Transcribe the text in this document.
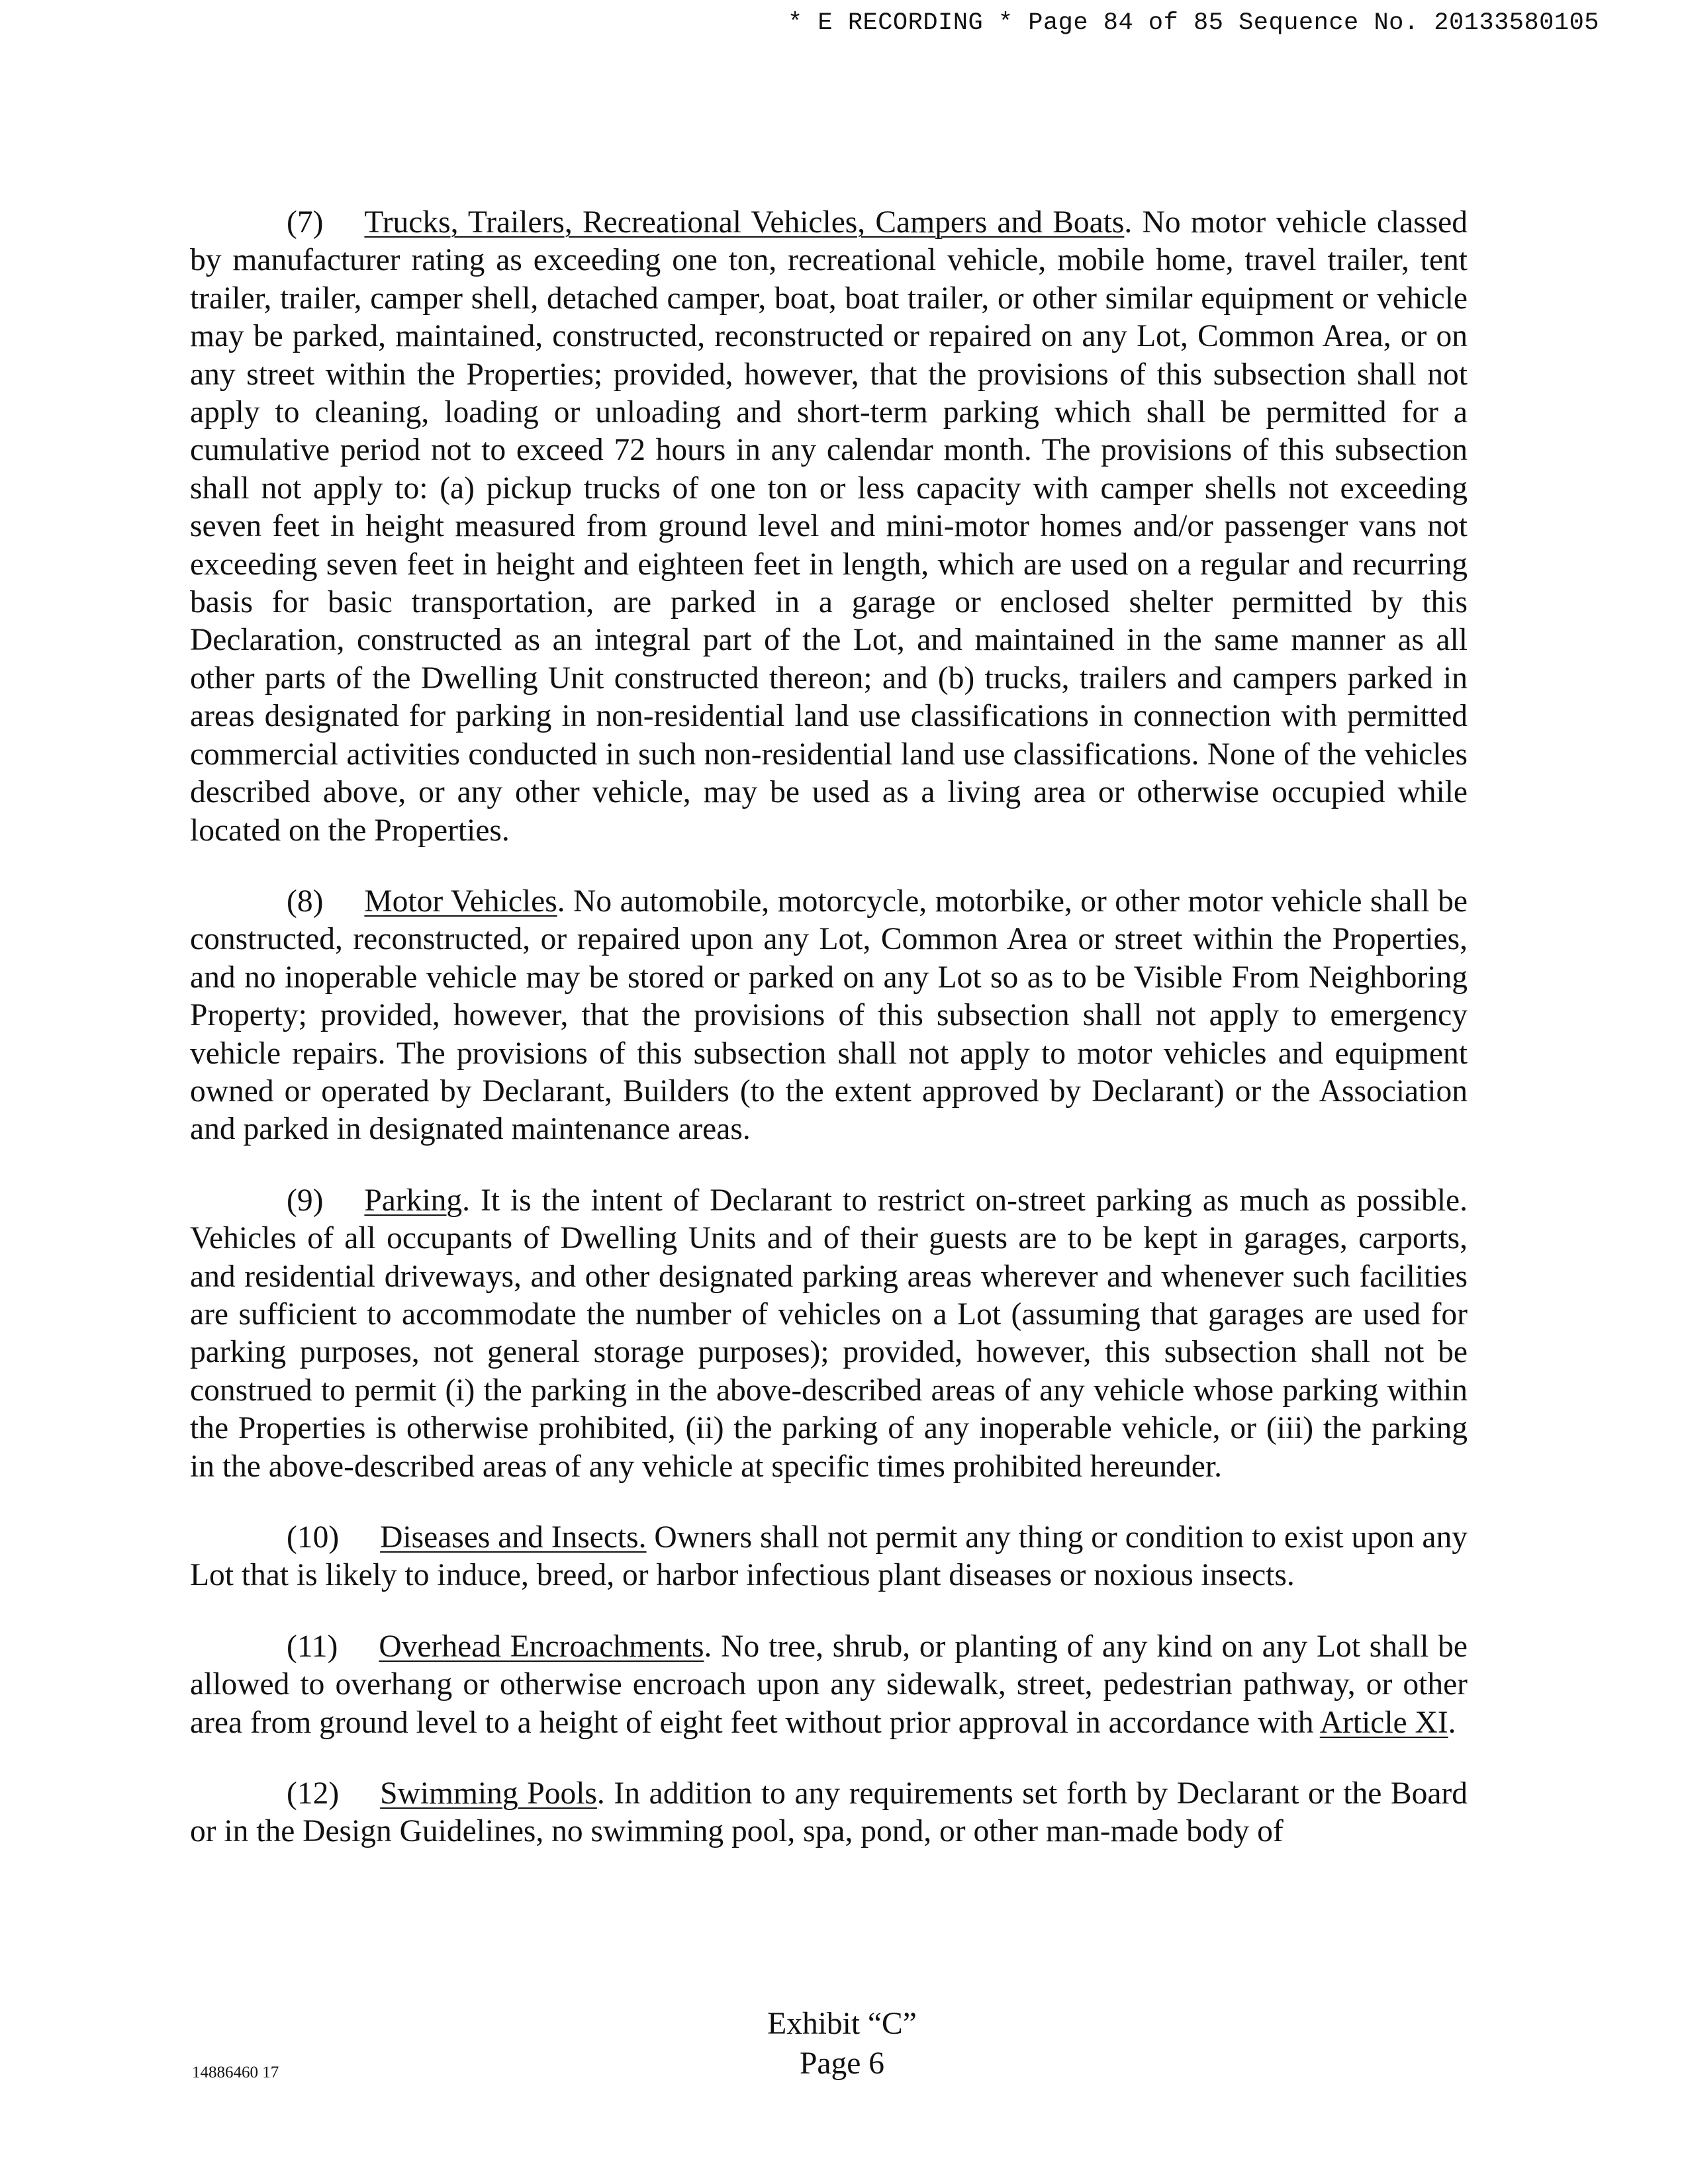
* E RECORDING * Page 84 of 85 Sequence No. 20133580105

(7) Trucks, Trailers, Recreational Vehicles, Campers and Boats. No motor vehicle classed by manufacturer rating as exceeding one ton, recreational vehicle, mobile home, travel trailer, tent trailer, trailer, camper shell, detached camper, boat, boat trailer, or other similar equipment or vehicle may be parked, maintained, constructed, reconstructed or repaired on any Lot, Common Area, or on any street within the Properties; provided, however, that the provisions of this subsection shall not apply to cleaning, loading or unloading and short-term parking which shall be permitted for a cumulative period not to exceed 72 hours in any calendar month. The provisions of this subsection shall not apply to: (a) pickup trucks of one ton or less capacity with camper shells not exceeding seven feet in height measured from ground level and mini-motor homes and/or passenger vans not exceeding seven feet in height and eighteen feet in length, which are used on a regular and recurring basis for basic transportation, are parked in a garage or enclosed shelter permitted by this Declaration, constructed as an integral part of the Lot, and maintained in the same manner as all other parts of the Dwelling Unit constructed thereon; and (b) trucks, trailers and campers parked in areas designated for parking in non-residential land use classifications in connection with permitted commercial activities conducted in such non-residential land use classifications. None of the vehicles described above, or any other vehicle, may be used as a living area or otherwise occupied while located on the Properties.

(8) Motor Vehicles. No automobile, motorcycle, motorbike, or other motor vehicle shall be constructed, reconstructed, or repaired upon any Lot, Common Area or street within the Properties, and no inoperable vehicle may be stored or parked on any Lot so as to be Visible From Neighboring Property; provided, however, that the provisions of this subsection shall not apply to emergency vehicle repairs. The provisions of this subsection shall not apply to motor vehicles and equipment owned or operated by Declarant, Builders (to the extent approved by Declarant) or the Association and parked in designated maintenance areas.

(9) Parking. It is the intent of Declarant to restrict on-street parking as much as possible. Vehicles of all occupants of Dwelling Units and of their guests are to be kept in garages, carports, and residential driveways, and other designated parking areas wherever and whenever such facilities are sufficient to accommodate the number of vehicles on a Lot (assuming that garages are used for parking purposes, not general storage purposes); provided, however, this subsection shall not be construed to permit (i) the parking in the above-described areas of any vehicle whose parking within the Properties is otherwise prohibited, (ii) the parking of any inoperable vehicle, or (iii) the parking in the above-described areas of any vehicle at specific times prohibited hereunder.

(10) Diseases and Insects. Owners shall not permit any thing or condition to exist upon any Lot that is likely to induce, breed, or harbor infectious plant diseases or noxious insects.

(11) Overhead Encroachments. No tree, shrub, or planting of any kind on any Lot shall be allowed to overhang or otherwise encroach upon any sidewalk, street, pedestrian pathway, or other area from ground level to a height of eight feet without prior approval in accordance with Article XI.

(12) Swimming Pools. In addition to any requirements set forth by Declarant or the Board or in the Design Guidelines, no swimming pool, spa, pond, or other man-made body of

14886460 17
Exhibit “C”
Page 6
